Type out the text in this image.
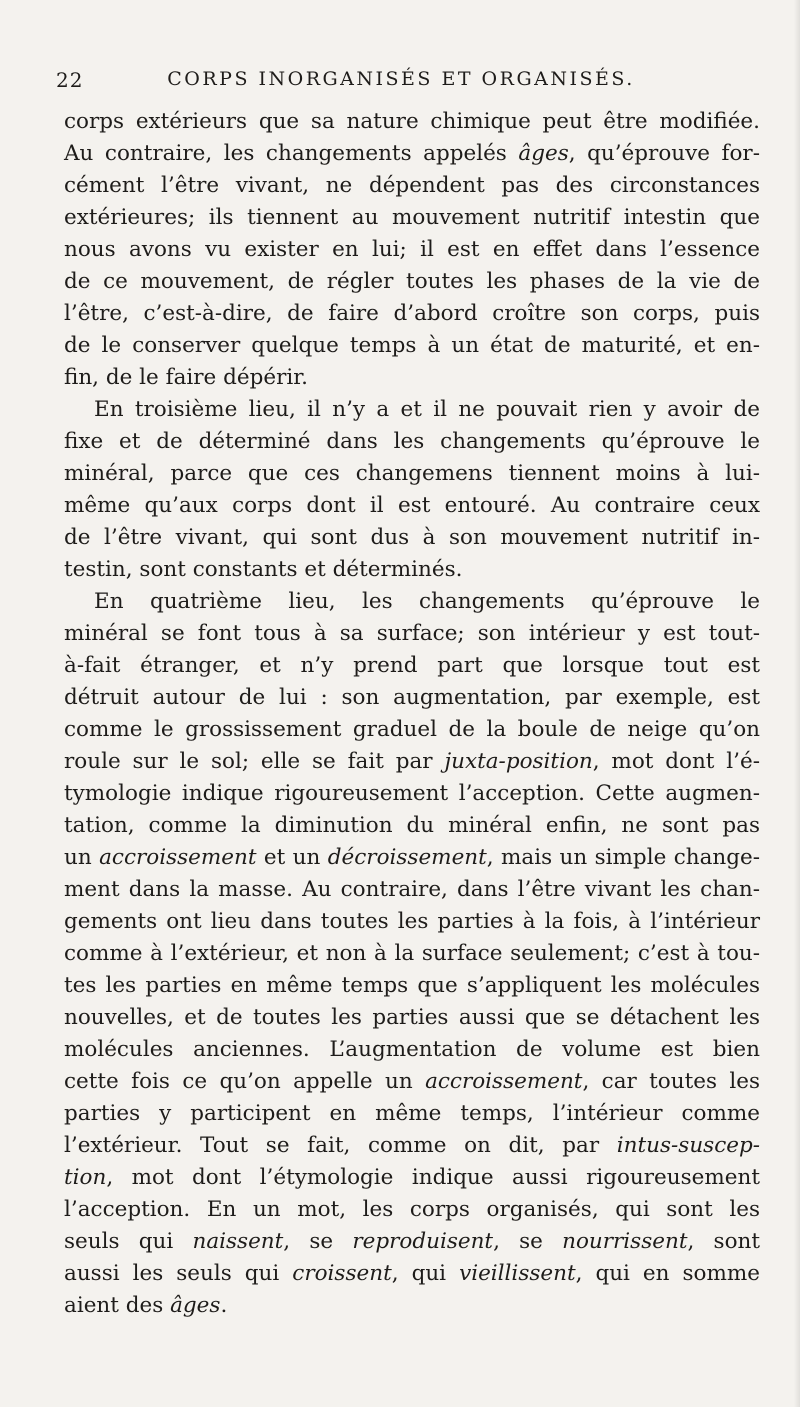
22	CORPS INORGANISÉS ET ORGANISÉS.
corps extérieurs que sa nature chimique peut être modifiée.
Au contraire, les changements appelés âges, qu’éprouve for-
cément l’être vivant, ne dépendent pas des circonstances
extérieures; ils tiennent au mouvement nutritif intestin que
nous avons vu exister en lui; il est en effet dans l’essence
de ce mouvement, de régler toutes les phases de la vie de
l’être, c’est-à-dire, de faire d’abord croître son corps, puis
de le conserver quelque temps à un état de maturité, et en-
fin, de le faire dépérir.
En troisième lieu, il n’y a et il ne pouvait rien y avoir de
fixe et de déterminé dans les changements qu’éprouve le
minéral, parce que ces changemens tiennent moins à lui-
même qu’aux corps dont il est entouré. Au contraire ceux
de l’être vivant, qui sont dus à son mouvement nutritif in-
testin, sont constants et déterminés.
En quatrième lieu, les changements qu’éprouve le
minéral se font tous à sa surface; son intérieur y est tout-
à-fait étranger, et n’y prend part que lorsque tout est
détruit autour de lui : son augmentation, par exemple, est
comme le grossissement graduel de la boule de neige qu’on
roule sur le sol; elle se fait par juxta-position, mot dont l’é-
tymologie indique rigoureusement l’acception. Cette augmen-
tation, comme la diminution du minéral enfin, ne sont pas
un accroissement et un décroissement, mais un simple change-
ment dans la masse. Au contraire, dans l’être vivant les chan-
gements ont lieu dans toutes les parties à la fois, à l’intérieur
comme à l’extérieur, et non à la surface seulement; c’est à tou-
tes les parties en même temps que s’appliquent les molécules
nouvelles, et de toutes les parties aussi que se détachent les
molécules anciennes. L’augmentation de volume est bien
cette fois ce qu’on appelle un accroissement, car toutes les
parties y participent en même temps, l’intérieur comme
l’extérieur. Tout se fait, comme on dit, par intus-suscep-
tion, mot dont l’étymologie indique aussi rigoureusement
l’acception. En un mot, les corps organisés, qui sont les
seuls qui naissent, se reproduisent, se nourrissent, sont
aussi les seuls qui croissent, qui vieillissent, qui en somme
aient des âges.
